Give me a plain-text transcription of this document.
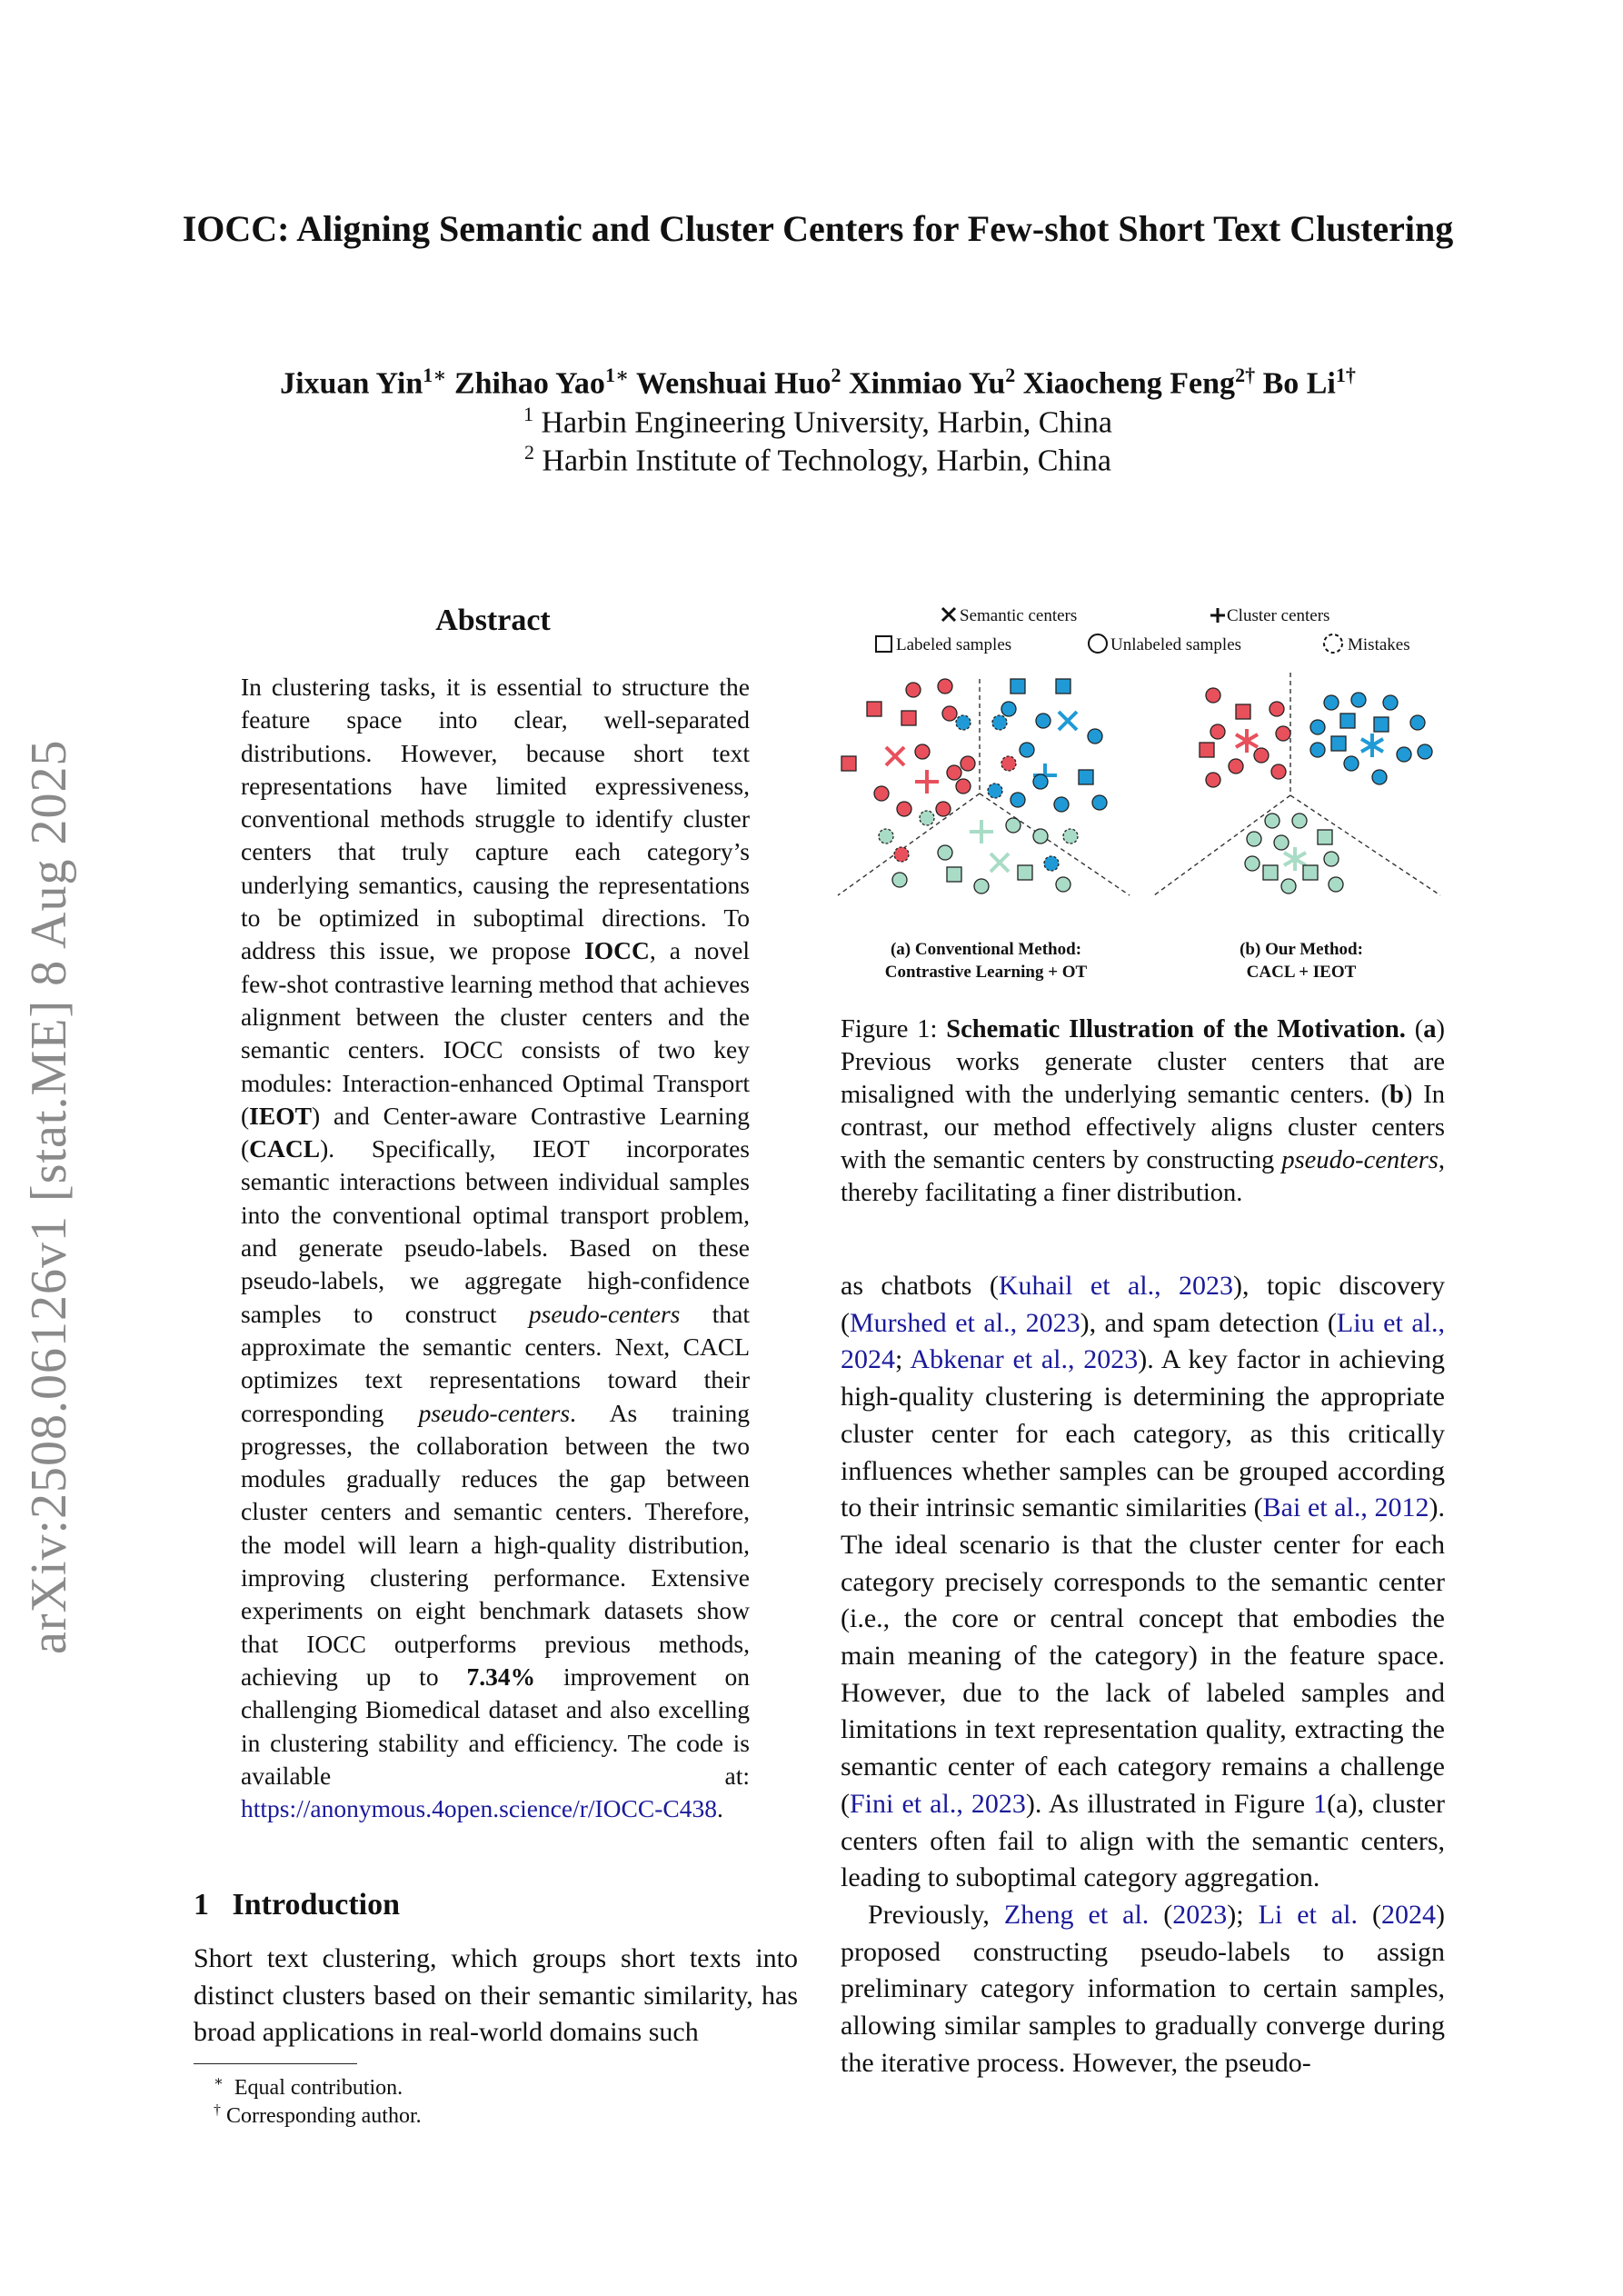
arXiv:2508.06126v1 [stat.ME] 8 Aug 2025
IOCC: Aligning Semantic and Cluster Centers for Few-shot Short Text Clustering
Jixuan Yin$^{1∗}$ Zhihao Yao$^{1∗}$ Wenshuai Huo$^2$ Xinmiao Yu$^2$ Xiaocheng Feng$^{2\dagger}$ Bo $Li^{1\dagger}$
$^1$ Harbin Engineering University, Harbin, China
$^2$ Harbin Institute of Technology, Harbin, China
Abstract
In clustering tasks, it is essential to structure the feature space into clear, well-separated distributions. However, because short text representations have limited expressiveness, conventional methods struggle to identify cluster centers that truly capture each category’s underlying semantics, causing the representations to be optimized in suboptimal directions. To address this issue, we propose IOCC, a novel few-shot contrastive learning method that achieves alignment between the cluster centers and the semantic centers. IOCC consists of two key modules: Interaction-enhanced Optimal Transport (IEOT) and Center-aware Contrastive Learning (CACL). Specifically, IEOT incorporates semantic interactions between individual samples into the conventional optimal transport problem, and generate pseudo-labels. Based on these pseudo-labels, we aggregate high-confidence samples to construct pseudo-centers that approximate the semantic centers. Next, CACL optimizes text representations toward their corresponding pseudo-centers. As training progresses, the collaboration between the two modules gradually reduces the gap between cluster centers and semantic centers. Therefore, the model will learn a high-quality distribution, improving clustering performance. Extensive experiments on eight benchmark datasets show that IOCC outperforms previous methods, achieving up to 7.34% improvement on challenging Biomedical dataset and also excelling in clustering stability and efficiency. The code is available at: https://anonymous.4open.science/r/IOCC-C438.
1 Introduction
Short text clustering, which groups short texts into distinct clusters based on their semantic similarity, has broad applications in real-world domains such
∗ Equal contribution.
† Corresponding author.
Semantic centers	Cluster centers
Labeled samples	Unlabeled samples	Mistakes
(a) Conventional Method:
Contrastive Learning + OT
(b) Our Method:
CACL + IEOT
Figure 1: Schematic Illustration of the Motivation. (a) Previous works generate cluster centers that are misaligned with the underlying semantic centers. (b) In contrast, our method effectively aligns cluster centers with the semantic centers by constructing pseudo-centers, thereby facilitating a finer distribution.

as chatbots (Kuhail et al., 2023), topic discovery (Murshed et al., 2023), and spam detection (Liu et al., 2024; Abkenar et al., 2023). A key factor in achieving high-quality clustering is determining the appropriate cluster center for each category, as this critically influences whether samples can be grouped according to their intrinsic semantic similarities (Bai et al., 2012). The ideal scenario is that the cluster center for each category precisely corresponds to the semantic center (i.e., the core or central concept that embodies the main meaning of the category) in the feature space. However, due to the lack of labeled samples and limitations in text representation quality, extracting the semantic center of each category remains a challenge (Fini et al., 2023). As illustrated in Figure 1(a), cluster centers often fail to align with the semantic centers, leading to suboptimal category aggregation.

Previously, Zheng et al. (2023); Li et al. (2024) proposed constructing pseudo-labels to assign preliminary category information to certain samples, allowing similar samples to gradually converge during the iterative process. However, the pseudo-
